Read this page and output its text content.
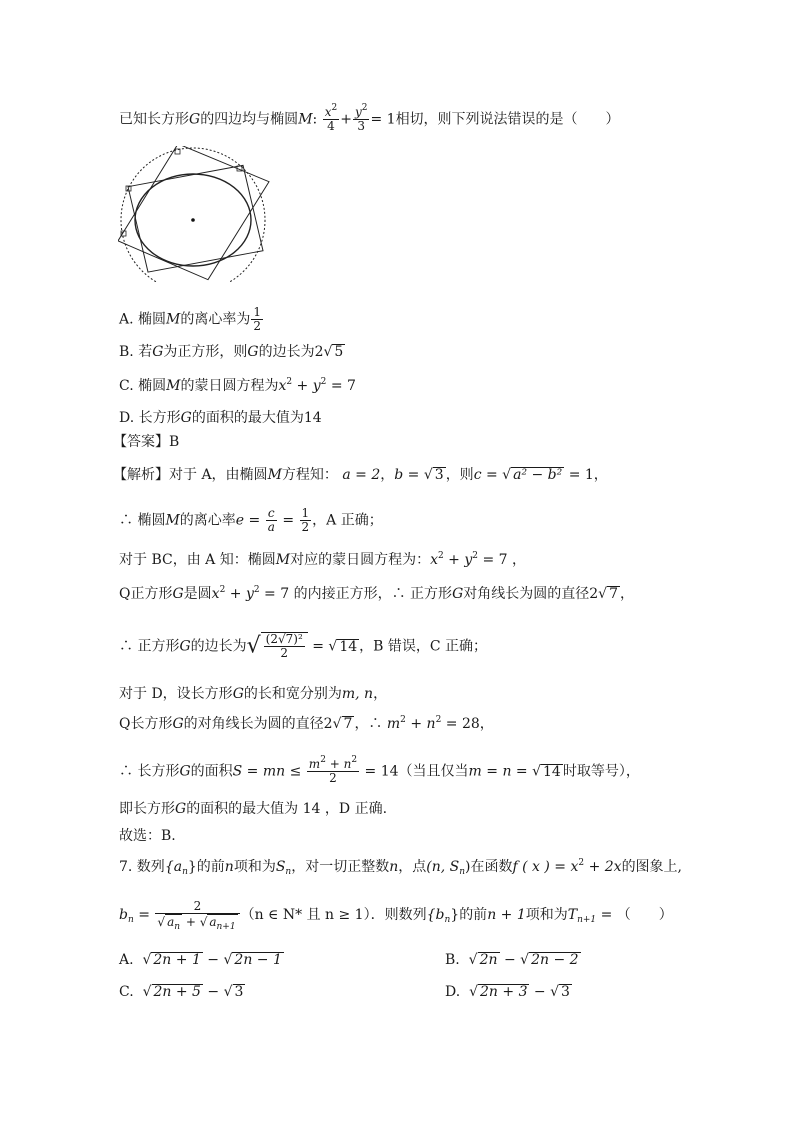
已知长方形G的四边均与椭圆M: $\frac{x^2}{4} + \frac{y^2}{3} = 1$相切，则下列说法错误的是（　　）
A. 椭圆M的离心率为 $\frac{1}{2}$
B. 若G为正方形，则G的边长为2√ 5
C. 椭圆M的蒙日圆方程为$x^2 + y^2 = 7$
D. 长方形G的面积的最大值为14
【答案】B
【解析】对于 A，由椭圆M方程知： a = 2，b = √ 3 ，则c = √ a² − b² = 1，
∴ 椭圆M的离心率$e = \frac{c}{a} = \frac{1}{2}$ ，A 正确；
对于 BC，由 A 知：椭圆M对应的蒙日圆方程为：$x^2 + y^2 = 7$ ，
Q正方形G是圆$x^2 + y^2 = 7$ 的内接正方形，∴ 正方形G对角线长为圆的直径2√ 7 ，
∴ 正方形G的边长为√ $\frac{\text{(2√7)²}}{2}$ = √ 14 ，B 错误，C 正确；
对于 D，设长方形G的长和宽分别为m, n，
Q长方形G的对角线长为圆的直径2√ 7 ，∴ $m^2 + n^2 = 28$，
∴ 长方形G的面积S = mn ≤ $\frac{m^2 + n^2}{2} = 14$（当且仅当m = n = √ 14 时取等号），
即长方形G的面积的最大值为 14 ，D 正确.
故选：B.
7. 数列$\{a_n\}$的前n项和为$S_n$，对一切正整数n，点(n, $S_n$)在函数f ( x ) = $x^2 + 2x$的图象上,
$b_n = \frac{2}{√ a_n + √ a_{n+1}} (n$ ∈ N* 且 n ≥ 1）．则数列$\{b_n\}$的前n + 1项和为$T_{n+1}$ = （　　）
A. √ 2n + 1 − √ 2n − 1	B. √ 2n − √ 2n − 2
C. √ 2n + 5 − √ 3	D. √ 2n + 3 − √ 3
